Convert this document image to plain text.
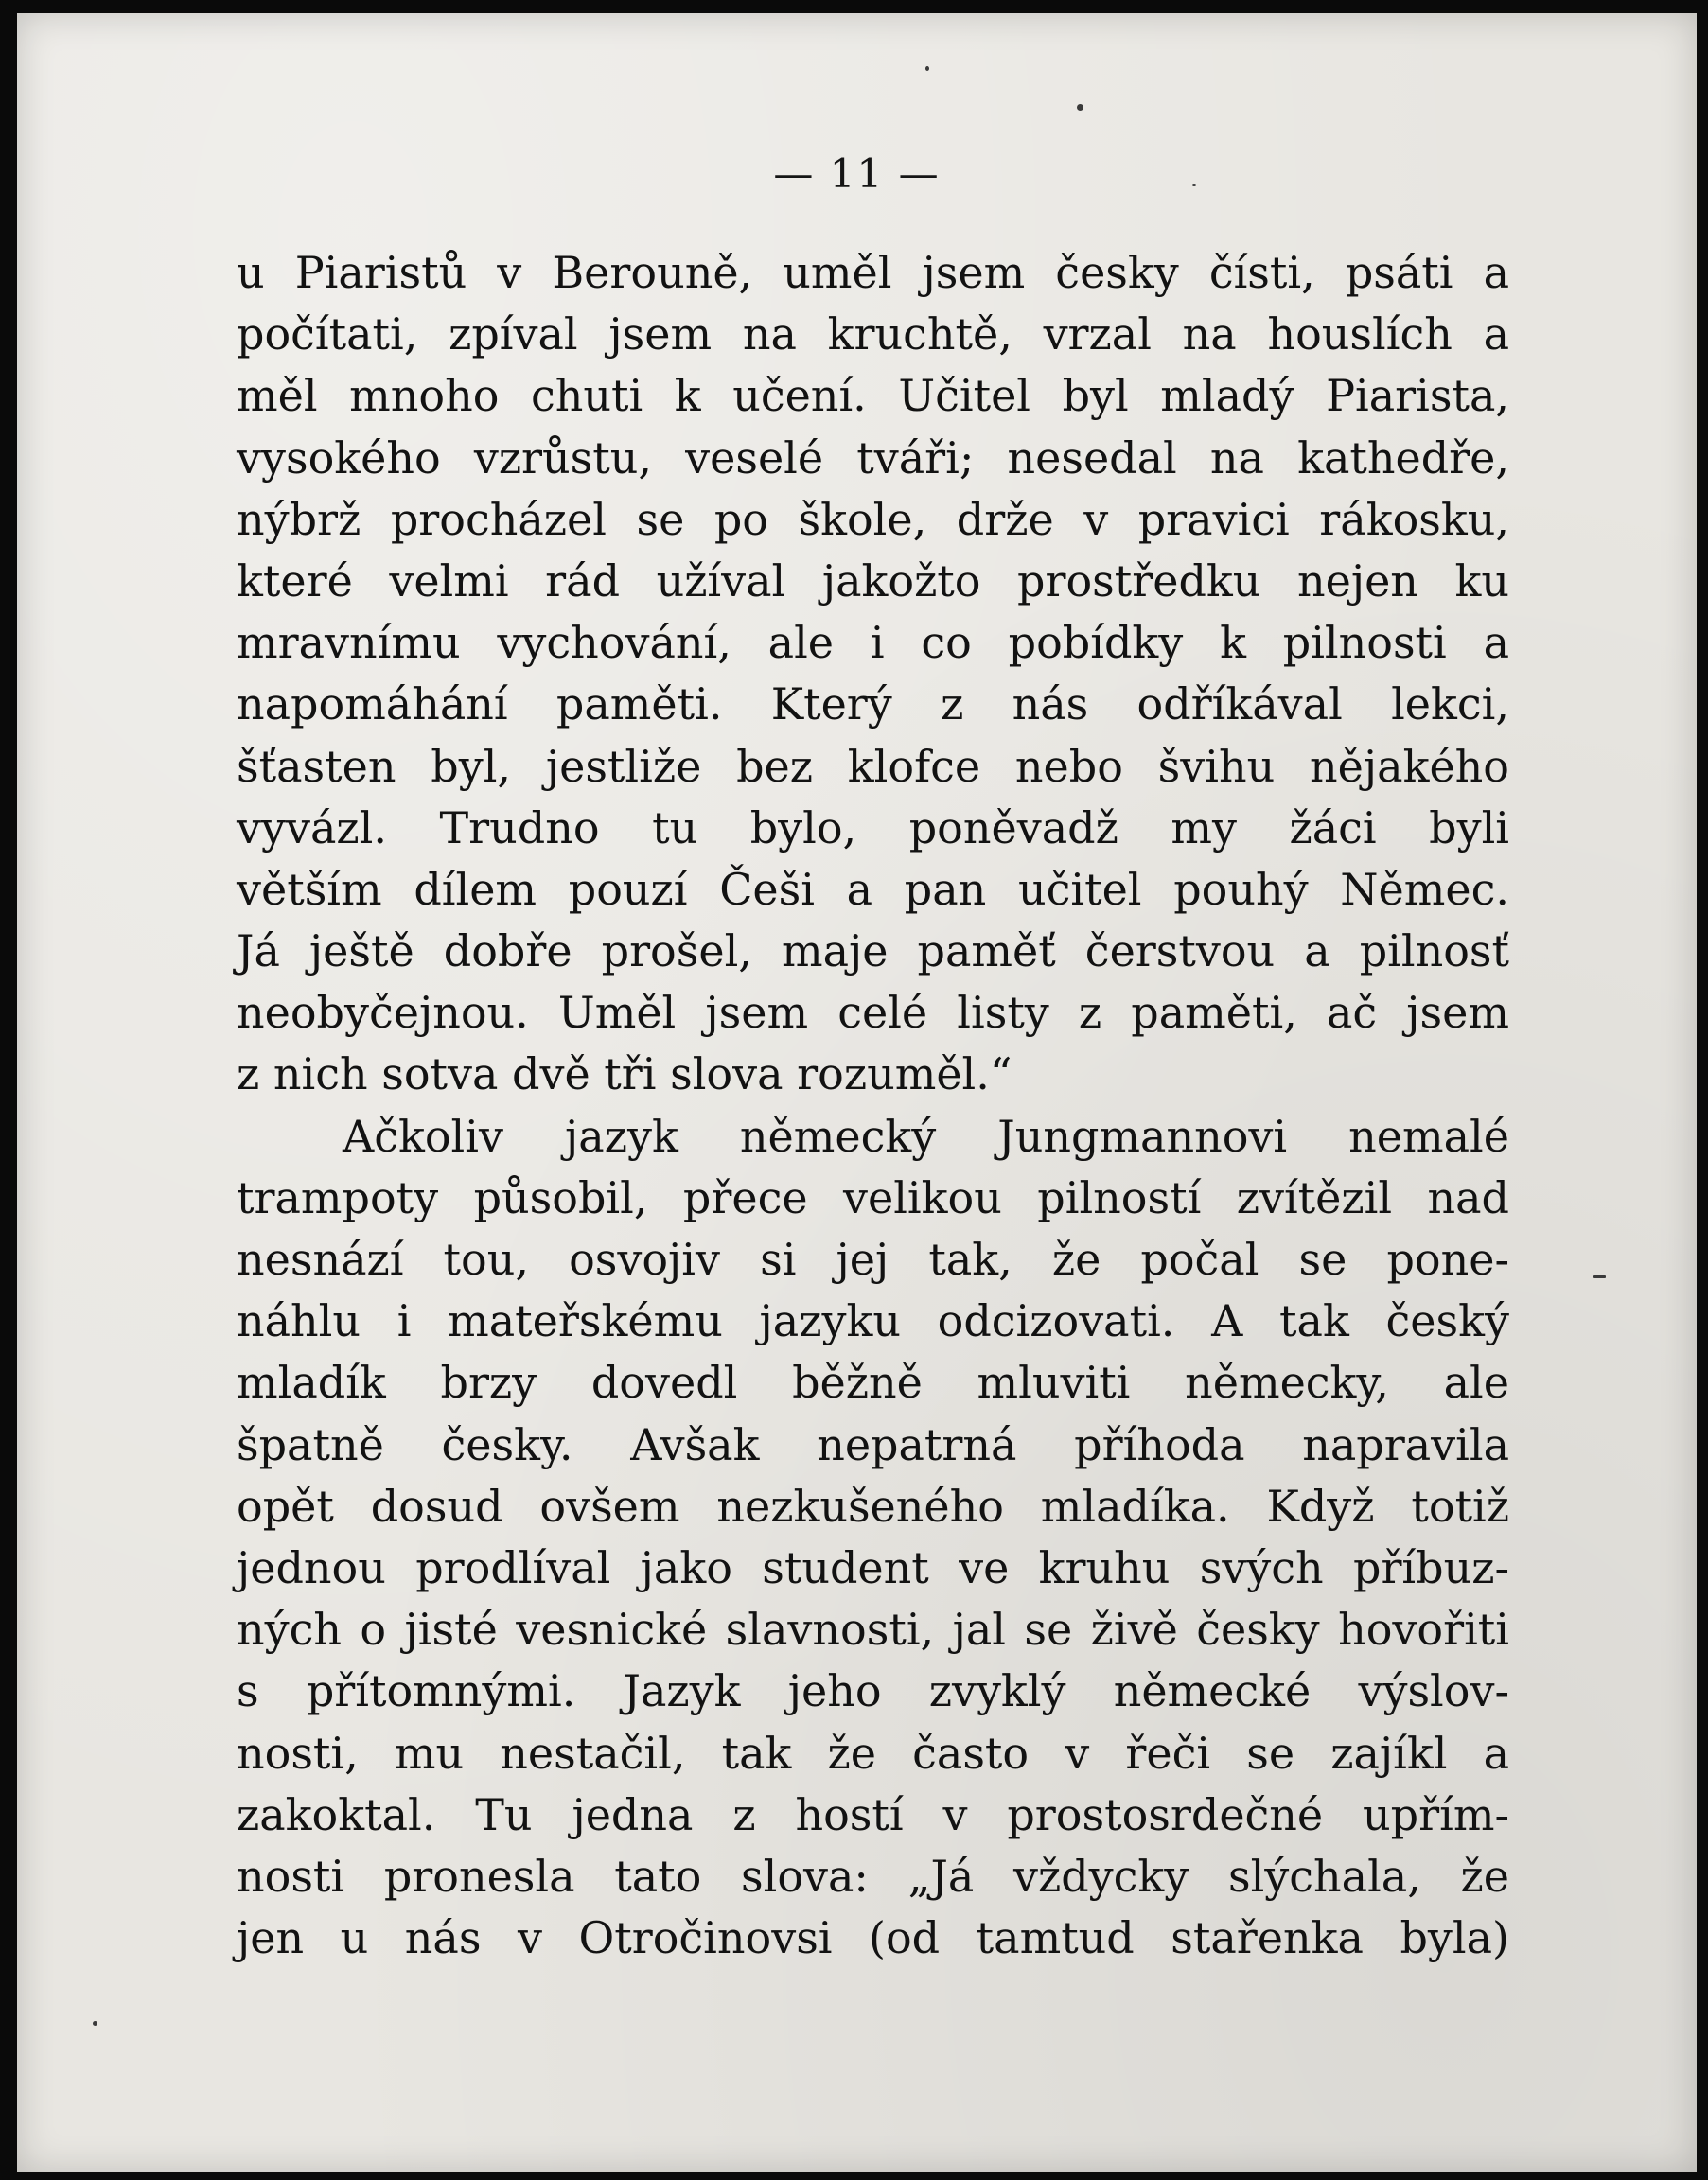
— 11 —
u Piaristů v Berouně, uměl jsem česky čísti, psáti a
počítati, zpíval jsem na kruchtě, vrzal na houslích a
měl mnoho chuti k učení. Učitel byl mladý Piarista,
vysokého vzrůstu, veselé tváři; nesedal na kathedře,
nýbrž procházel se po škole, drže v pravici rákosku,
které velmi rád užíval jakožto prostředku nejen ku
mravnímu vychování, ale i co pobídky k pilnosti a
napomáhání paměti. Který z nás odříkával lekci,
šťasten byl, jestliže bez klofce nebo švihu nějakého
vyvázl. Trudno tu bylo, poněvadž my žáci byli
větším dílem pouzí Češi a pan učitel pouhý Němec.
Já ještě dobře prošel, maje paměť čerstvou a pilnosť
neobyčejnou. Uměl jsem celé listy z paměti, ač jsem
z nich sotva dvě tři slova rozuměl.“
Ačkoliv jazyk německý Jungmannovi nemalé
trampoty působil, přece velikou pilností zvítězil nad
nesnází tou, osvojiv si jej tak, že počal se pone-
náhlu i mateřskému jazyku odcizovati. A tak český
mladík brzy dovedl běžně mluviti německy, ale
špatně česky. Avšak nepatrná příhoda napravila
opět dosud ovšem nezkušeného mladíka. Když totiž
jednou prodlíval jako student ve kruhu svých příbuz-
ných o jisté vesnické slavnosti, jal se živě česky hovořiti
s přítomnými. Jazyk jeho zvyklý německé výslov-
nosti, mu nestačil, tak že často v řeči se zajíkl a
zakoktal. Tu jedna z hostí v prostosrdečné upřím-
nosti pronesla tato slova: „Já vždycky slýchala, že
jen u nás v Otročinovsi (od tamtud stařenka byla)
